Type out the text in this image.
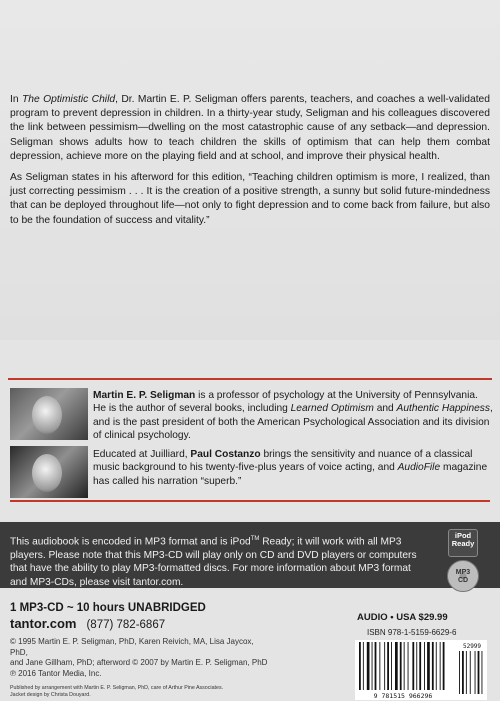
In The Optimistic Child, Dr. Martin E. P. Seligman offers parents, teachers, and coaches a well-validated program to prevent depression in children. In a thirty-year study, Seligman and his colleagues discovered the link between pessimism—dwelling on the most catastrophic cause of any setback—and depression. Seligman shows adults how to teach children the skills of optimism that can help them combat depression, achieve more on the playing field and at school, and improve their physical health.

As Seligman states in his afterword for this edition, “Teaching children optimism is more, I realized, than just correcting pessimism . . . It is the creation of a positive strength, a sunny but solid future-mindedness that can be deployed throughout life—not only to fight depression and to come back from failure, but also to be the foundation of success and vitality.”

Martin E. P. Seligman is a professor of psychology at the University of Pennsylvania. He is the author of several books, including Learned Optimism and Authentic Happiness, and is the past president of both the American Psychological Association and its division of clinical psychology.

Educated at Juilliard, Paul Costanzo brings the sensitivity and nuance of a classical music background to his twenty-five-plus years of voice acting, and AudioFile magazine has called his narration “superb.”

This audiobook is encoded in MP3 format and is iPod™ Ready; it will work with all MP3 players. Please note that this MP3-CD will play only on CD and DVD players or computers that have the ability to play MP3-formatted discs. For more information about MP3 format and MP3-CDs, please visit tantor.com.

iPod
Ready
MP3
CD

1 MP3-CD ~ 10 hours UNABRIDGED

tantor.com (877) 782-6867

© 1995 Martin E. P. Seligman, PhD, Karen Reivich, MA, Lisa Jaycox, PhD,
and Jane Gillham, PhD; afterword © 2007 by Martin E. P. Seligman, PhD
℗ 2016 Tantor Media, Inc.

Published by arrangement with Martin E. P. Seligman, PhD, care of Arthur Pine Associates.
Jacket design by Christa Douyard.

AUDIO • USA $29.99
ISBN 978-1-5159-6629-6
52999
9 781515 966296
